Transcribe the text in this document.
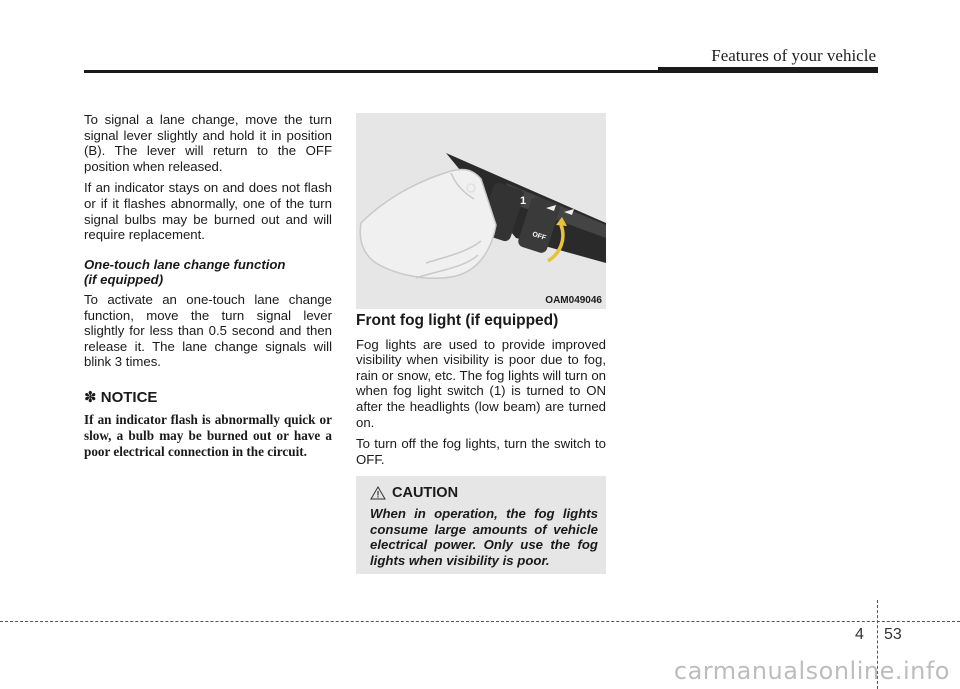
Features of your vehicle

To signal a lane change, move the turn signal lever slightly and hold it in position (B). The lever will return to the OFF position when released.

If an indicator stays on and does not flash or if it flashes abnormally, one of the turn signal bulbs may be burned out and will require replacement.

One-touch lane change function
(if equipped)

To activate an one-touch lane change function, move the turn signal lever slightly for less than 0.5 second and then release it. The lane change signals will blink 3 times.

✽ NOTICE

If an indicator flash is abnormally quick or slow, a bulb may be burned out or have a poor electrical connection in the circuit.

1
OFF
OAM049046
Front fog light (if equipped)

Fog lights are used to provide improved visibility when visibility is poor due to fog, rain or snow, etc. The fog lights will turn on when fog light switch (1) is turned to ON after the headlights (low beam) are turned on.

To turn off the fog lights, turn the switch to OFF.

CAUTION

When in operation, the fog lights consume large amounts of vehicle electrical power. Only use the fog lights when visibility is poor.

4 53
carmanualsonline.info
